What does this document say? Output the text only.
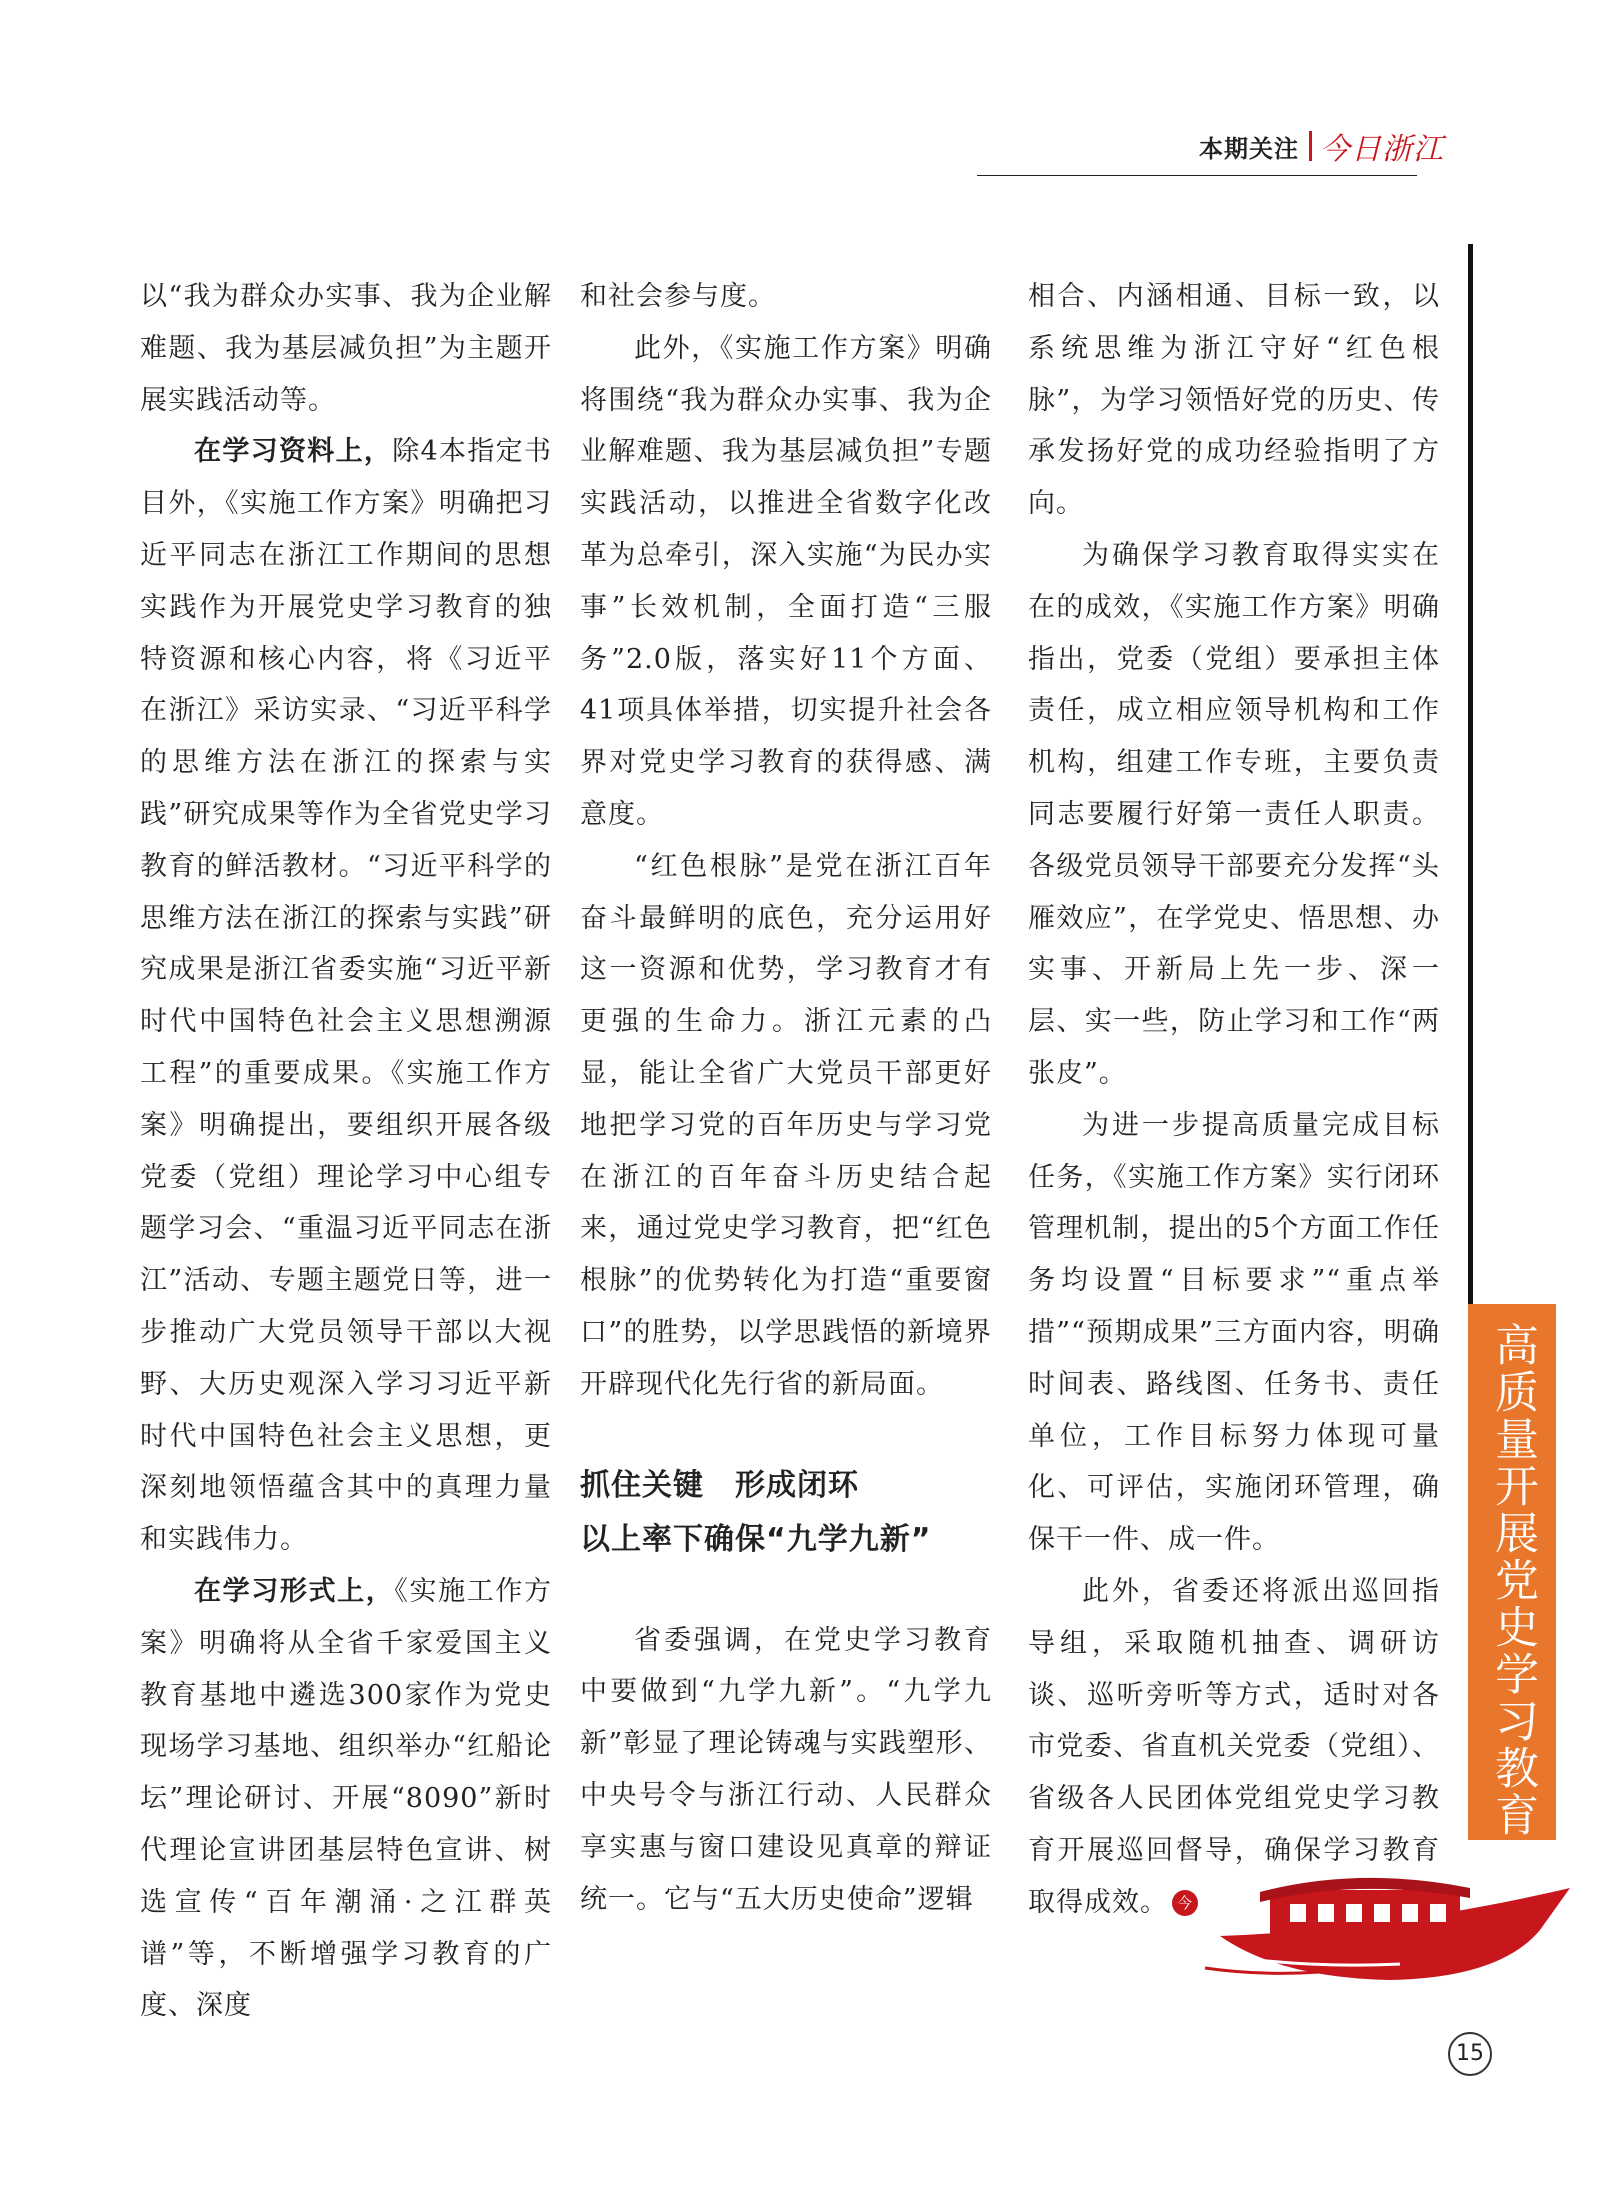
本期关注 今日浙江

以“我为群众办实事、我为企业解难题、我为基层减负担”为主题开展实践活动等。

在学习资料上，除4本指定书目外，《实施工作方案》明确把习近平同志在浙江工作期间的思想实践作为开展党史学习教育的独特资源和核心内容，将《习近平在浙江》采访实录、“习近平科学的思维方法在浙江的探索与实践”研究成果等作为全省党史学习教育的鲜活教材。“习近平科学的思维方法在浙江的探索与实践”研究成果是浙江省委实施“习近平新时代中国特色社会主义思想溯源工程”的重要成果。《实施工作方案》明确提出，要组织开展各级党委（党组）理论学习中心组专题学习会、“重温习近平同志在浙江”活动、专题主题党日等，进一步推动广大党员领导干部以大视野、大历史观深入学习习近平新时代中国特色社会主义思想，更深刻地领悟蕴含其中的真理力量和实践伟力。

在学习形式上，《实施工作方案》明确将从全省千家爱国主义教育基地中遴选300家作为党史现场学习基地、组织举办“红船论坛”理论研讨、开展“8090”新时代理论宣讲团基层特色宣讲、树选宣传“百年潮涌·之江群英谱”等，不断增强学习教育的广度、深度

和社会参与度。

此外，《实施工作方案》明确将围绕“我为群众办实事、我为企业解难题、我为基层减负担”专题实践活动，以推进全省数字化改革为总牵引，深入实施“为民办实事”长效机制，全面打造“三服务”2.0版，落实好11个方面、41项具体举措，切实提升社会各界对党史学习教育的获得感、满意度。

“红色根脉”是党在浙江百年奋斗最鲜明的底色，充分运用好这一资源和优势，学习教育才有更强的生命力。浙江元素的凸显，能让全省广大党员干部更好地把学习党的百年历史与学习党在浙江的百年奋斗历史结合起来，通过党史学习教育，把“红色根脉”的优势转化为打造“重要窗口”的胜势，以学思践悟的新境界开辟现代化先行省的新局面。

抓住关键　形成闭环
以上率下确保“九学九新”

省委强调，在党史学习教育中要做到“九学九新”。“九学九新”彰显了理论铸魂与实践塑形、中央号令与浙江行动、人民群众享实惠与窗口建设见真章的辩证统一。它与“五大历史使命”逻辑

相合、内涵相通、目标一致，以系统思维为浙江守好“红色根脉”，为学习领悟好党的历史、传承发扬好党的成功经验指明了方向。

为确保学习教育取得实实在在的成效，《实施工作方案》明确指出，党委（党组）要承担主体责任，成立相应领导机构和工作机构，组建工作专班，主要负责同志要履行好第一责任人职责。各级党员领导干部要充分发挥“头雁效应”，在学党史、悟思想、办实事、开新局上先一步、深一层、实一些，防止学习和工作“两张皮”。

为进一步提高质量完成目标任务，《实施工作方案》实行闭环管理机制，提出的5个方面工作任务均设置“目标要求”“重点举措”“预期成果”三方面内容，明确时间表、路线图、任务书、责任单位，工作目标努力体现可量化、可评估，实施闭环管理，确保干一件、成一件。

此外，省委还将派出巡回指导组，采取随机抽查、调研访谈、巡听旁听等方式，适时对各市党委、省直机关党委（党组）、省级各人民团体党组党史学习教育开展巡回督导，确保学习教育取得成效。 今

高质量开展党史学习教育
15
